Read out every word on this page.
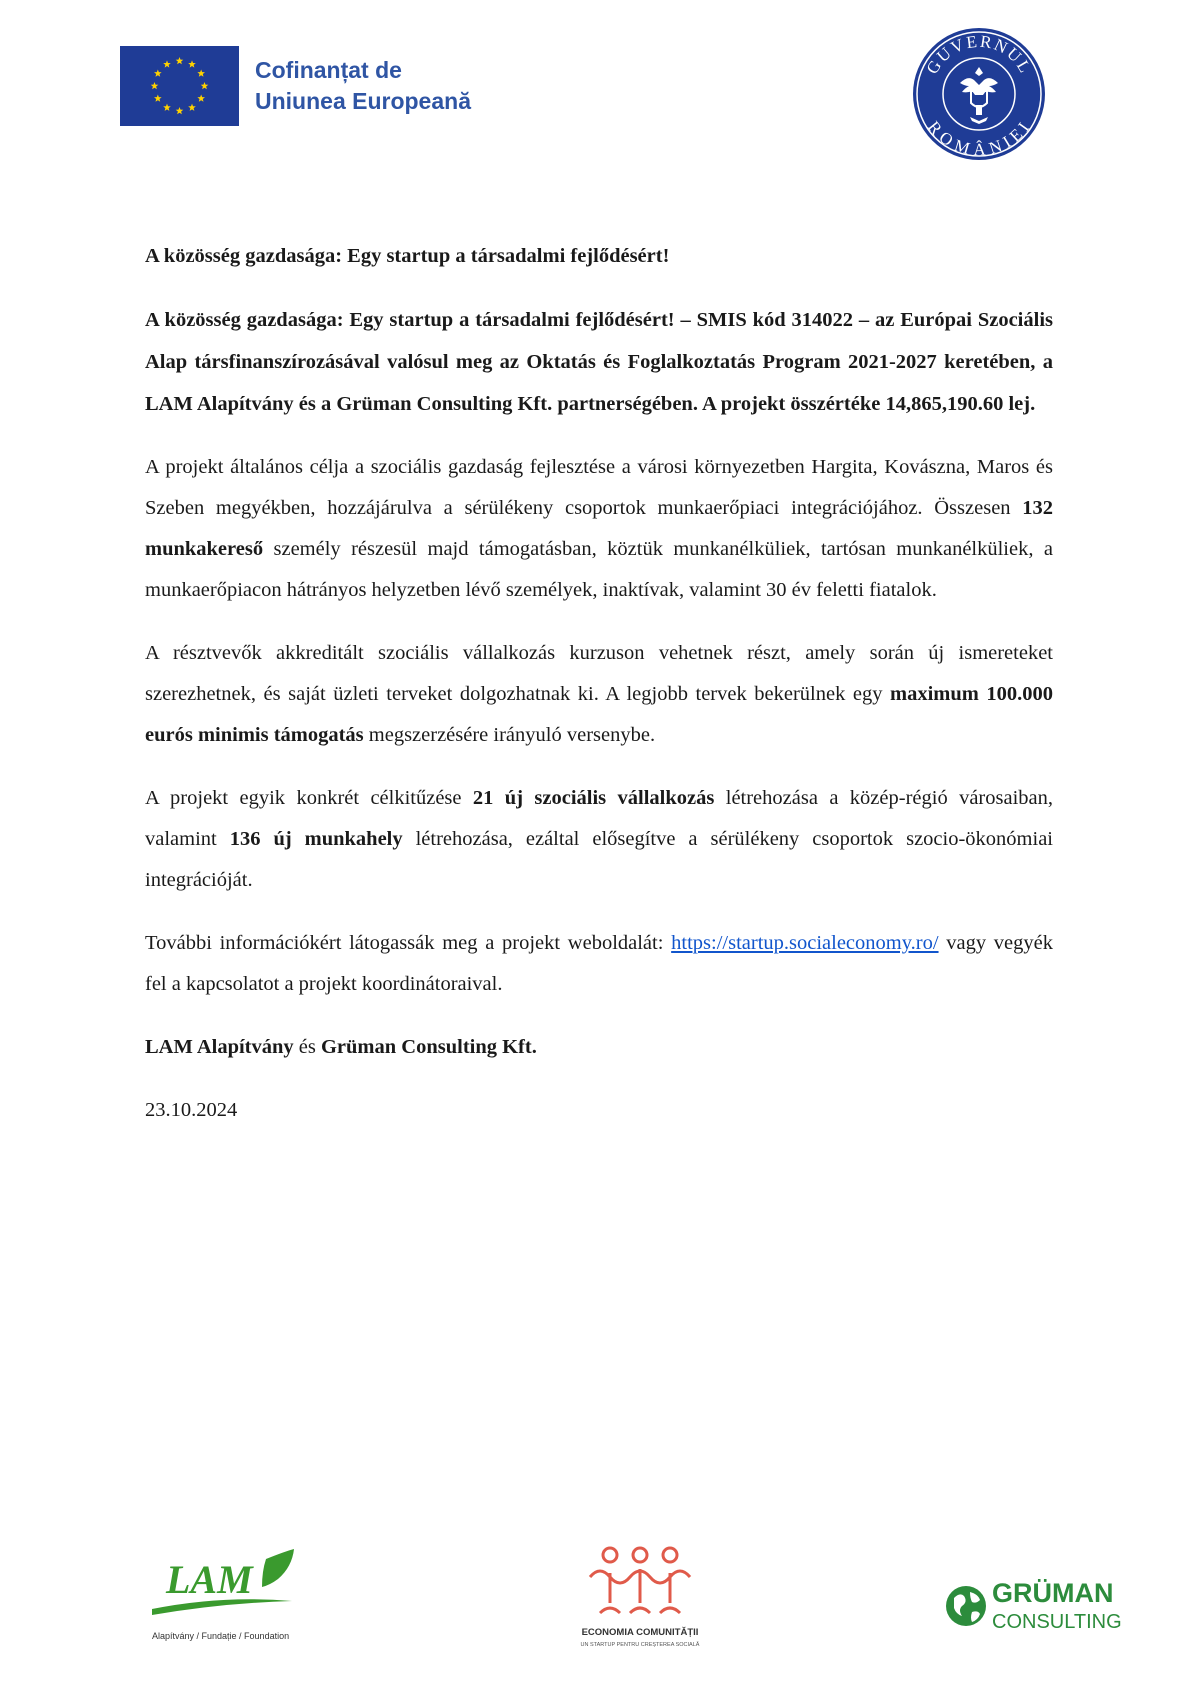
Cofinanțat de
Uniunea Europeană
GUVERNUL
ROMÂNIEI

A közösség gazdasága: Egy startup a társadalmi fejlődésért!

A közösség gazdasága: Egy startup a társadalmi fejlődésért! – SMIS kód 314022 – az Európai Szociális Alap társfinanszírozásával valósul meg az Oktatás és Foglalkoztatás Program 2021-2027 keretében, a LAM Alapítvány és a Grüman Consulting Kft. partnerségében. A projekt összértéke 14,865,190.60 lej.

A projekt általános célja a szociális gazdaság fejlesztése a városi környezetben Hargita, Kovászna, Maros és Szeben megyékben, hozzájárulva a sérülékeny csoportok munkaerőpiaci integrációjához. Összesen 132 munkakereső személy részesül majd támogatásban, köztük munkanélküliek, tartósan munkanélküliek, a munkaerőpiacon hátrányos helyzetben lévő személyek, inaktívak, valamint 30 év feletti fiatalok.

A résztvevők akkreditált szociális vállalkozás kurzuson vehetnek részt, amely során új ismereteket szerezhetnek, és saját üzleti terveket dolgozhatnak ki. A legjobb tervek bekerülnek egy maximum 100.000 eurós minimis támogatás megszerzésére irányuló versenybe.

A projekt egyik konkrét célkitűzése 21 új szociális vállalkozás létrehozása a közép-régió városaiban, valamint 136 új munkahely létrehozása, ezáltal elősegítve a sérülékeny csoportok szocio-ökonómiai integrációját.

További információkért látogassák meg a projekt weboldalát: https://startup.socialeconomy.ro/ vagy vegyék fel a kapcsolatot a projekt koordinátoraival.

LAM Alapítvány és Grüman Consulting Kft.

23.10.2024

LAM
Alapítvány / Fundație / Foundation	ECONOMIA COMUNITĂȚII
UN STARTUP PENTRU CREȘTEREA SOCIALĂ
GRÜMAN
CONSULTING
